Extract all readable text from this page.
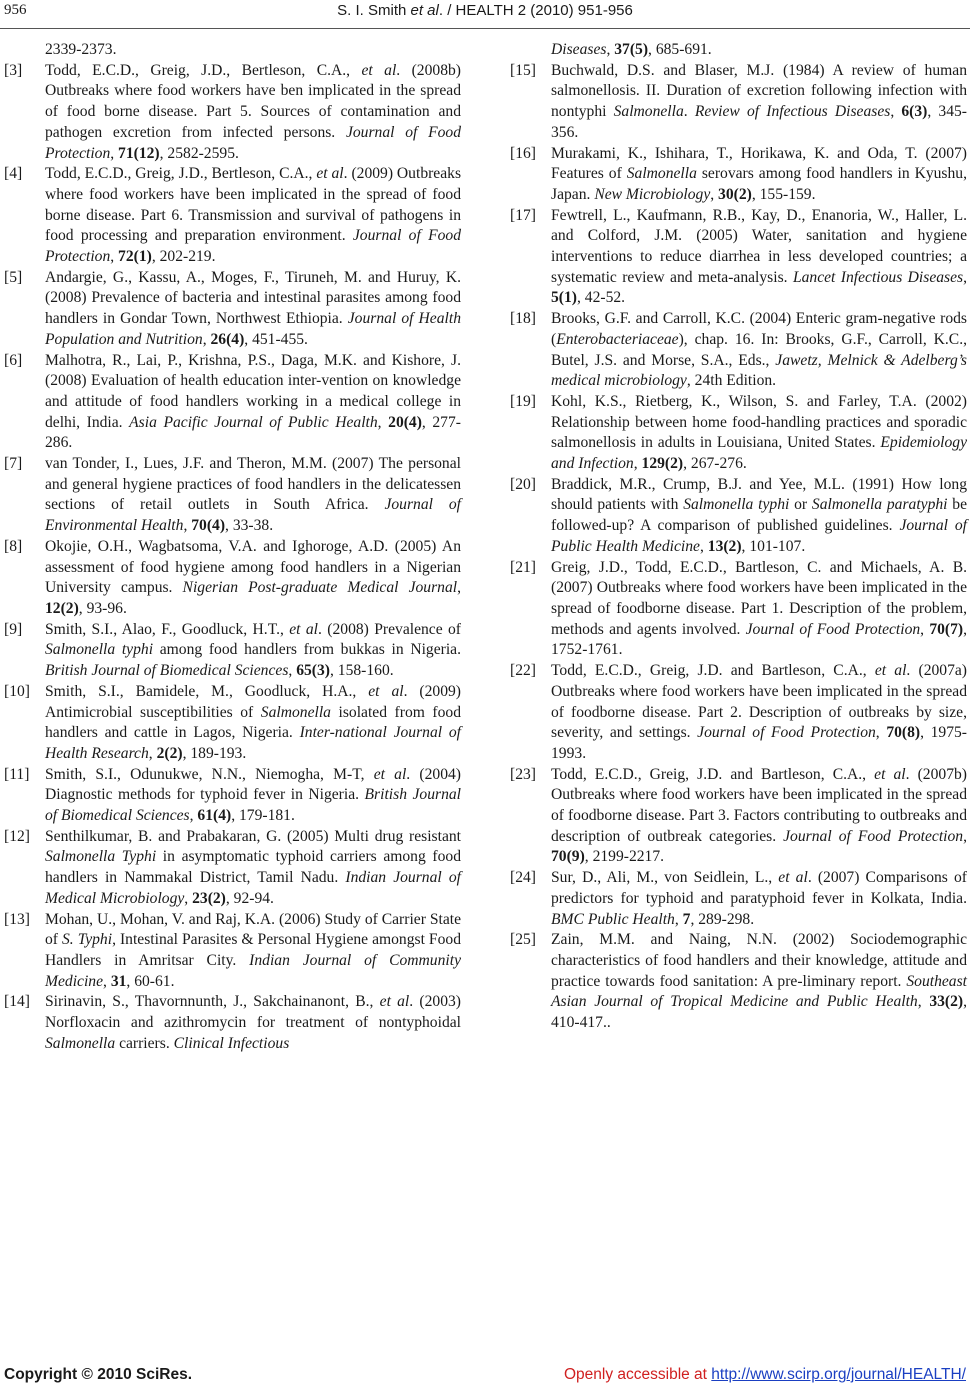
956	S. I. Smith et al. / HEALTH 2 (2010) 951-956
2339-2373.
[3] Todd, E.C.D., Greig, J.D., Bertleson, C.A., et al. (2008b) Outbreaks where food workers have ben implicated in the spread of food borne disease. Part 5. Sources of contamination and pathogen excretion from infected persons. Journal of Food Protection, 71(12), 2582-2595.
[4] Todd, E.C.D., Greig, J.D., Bertleson, C.A., et al. (2009) Outbreaks where food workers have been implicated in the spread of food borne disease. Part 6. Transmission and survival of pathogens in food processing and preparation environment. Journal of Food Protection, 72(1), 202-219.
[5] Andargie, G., Kassu, A., Moges, F., Tiruneh, M. and Huruy, K. (2008) Prevalence of bacteria and intestinal parasites among food handlers in Gondar Town, Northwest Ethiopia. Journal of Health Population and Nutrition, 26(4), 451-455.
[6] Malhotra, R., Lai, P., Krishna, P.S., Daga, M.K. and Kishore, J. (2008) Evaluation of health education inter-vention on knowledge and attitude of food handlers working in a medical college in delhi, India. Asia Pacific Journal of Public Health, 20(4), 277-286.
[7] van Tonder, I., Lues, J.F. and Theron, M.M. (2007) The personal and general hygiene practices of food handlers in the delicatessen sections of retail outlets in South Africa. Journal of Environmental Health, 70(4), 33-38.
[8] Okojie, O.H., Wagbatsoma, V.A. and Ighoroge, A.D. (2005) An assessment of food hygiene among food handlers in a Nigerian University campus. Nigerian Post-graduate Medical Journal, 12(2), 93-96.
[9] Smith, S.I., Alao, F., Goodluck, H.T., et al. (2008) Prevalence of Salmonella typhi among food handlers from bukkas in Nigeria. British Journal of Biomedical Sciences, 65(3), 158-160.
[10] Smith, S.I., Bamidele, M., Goodluck, H.A., et al. (2009) Antimicrobial susceptibilities of Salmonella isolated from food handlers and cattle in Lagos, Nigeria. Inter-national Journal of Health Research, 2(2), 189-193.
[11] Smith, S.I., Odunukwe, N.N., Niemogha, M-T, et al. (2004) Diagnostic methods for typhoid fever in Nigeria. British Journal of Biomedical Sciences, 61(4), 179-181.
[12] Senthilkumar, B. and Prabakaran, G. (2005) Multi drug resistant Salmonella Typhi in asymptomatic typhoid carriers among food handlers in Nammakal District, Tamil Nadu. Indian Journal of Medical Microbiology, 23(2), 92-94.
[13] Mohan, U., Mohan, V. and Raj, K.A. (2006) Study of Carrier State of S. Typhi, Intestinal Parasites & Personal Hygiene amongst Food Handlers in Amritsar City. Indian Journal of Community Medicine, 31, 60-61.
[14] Sirinavin, S., Thavornnunth, J., Sakchainanont, B., et al. (2003) Norfloxacin and azithromycin for treatment of nontyphoidal Salmonella carriers. Clinical Infectious
Diseases, 37(5), 685-691.
[15] Buchwald, D.S. and Blaser, M.J. (1984) A review of human salmonellosis. II. Duration of excretion following infection with nontyphi Salmonella. Review of Infectious Diseases, 6(3), 345-356.
[16] Murakami, K., Ishihara, T., Horikawa, K. and Oda, T. (2007) Features of Salmonella serovars among food handlers in Kyushu, Japan. New Microbiology, 30(2), 155-159.
[17] Fewtrell, L., Kaufmann, R.B., Kay, D., Enanoria, W., Haller, L. and Colford, J.M. (2005) Water, sanitation and hygiene interventions to reduce diarrhea in less developed countries; a systematic review and meta-analysis. Lancet Infectious Diseases, 5(1), 42-52.
[18] Brooks, G.F. and Carroll, K.C. (2004) Enteric gram-negative rods (Enterobacteriaceae), chap. 16. In: Brooks, G.F., Carroll, K.C., Butel, J.S. and Morse, S.A., Eds., Jawetz, Melnick & Adelberg’s medical microbiology, 24th Edition.
[19] Kohl, K.S., Rietberg, K., Wilson, S. and Farley, T.A. (2002) Relationship between home food-handling practices and sporadic salmonellosis in adults in Louisiana, United States. Epidemiology and Infection, 129(2), 267-276.
[20] Braddick, M.R., Crump, B.J. and Yee, M.L. (1991) How long should patients with Salmonella typhi or Salmonella paratyphi be followed-up? A comparison of published guidelines. Journal of Public Health Medicine, 13(2), 101-107.
[21] Greig, J.D., Todd, E.C.D., Bartleson, C. and Michaels, A. B. (2007) Outbreaks where food workers have been implicated in the spread of foodborne disease. Part 1. Description of the problem, methods and agents involved. Journal of Food Protection, 70(7), 1752-1761.
[22] Todd, E.C.D., Greig, J.D. and Bartleson, C.A., et al. (2007a) Outbreaks where food workers have been implicated in the spread of foodborne disease. Part 2. Description of outbreaks by size, severity, and settings. Journal of Food Protection, 70(8), 1975-1993.
[23] Todd, E.C.D., Greig, J.D. and Bartleson, C.A., et al. (2007b) Outbreaks where food workers have been implicated in the spread of foodborne disease. Part 3. Factors contributing to outbreaks and description of outbreak categories. Journal of Food Protection, 70(9), 2199-2217.
[24] Sur, D., Ali, M., von Seidlein, L., et al. (2007) Comparisons of predictors for typhoid and paratyphoid fever in Kolkata, India. BMC Public Health, 7, 289-298.
[25] Zain, M.M. and Naing, N.N. (2002) Sociodemographic characteristics of food handlers and their knowledge, attitude and practice towards food sanitation: A pre-liminary report. Southeast Asian Journal of Tropical Medicine and Public Health, 33(2), 410-417..
Copyright © 2010 SciRes.	Openly accessible at http://www.scirp.org/journal/HEALTH/
